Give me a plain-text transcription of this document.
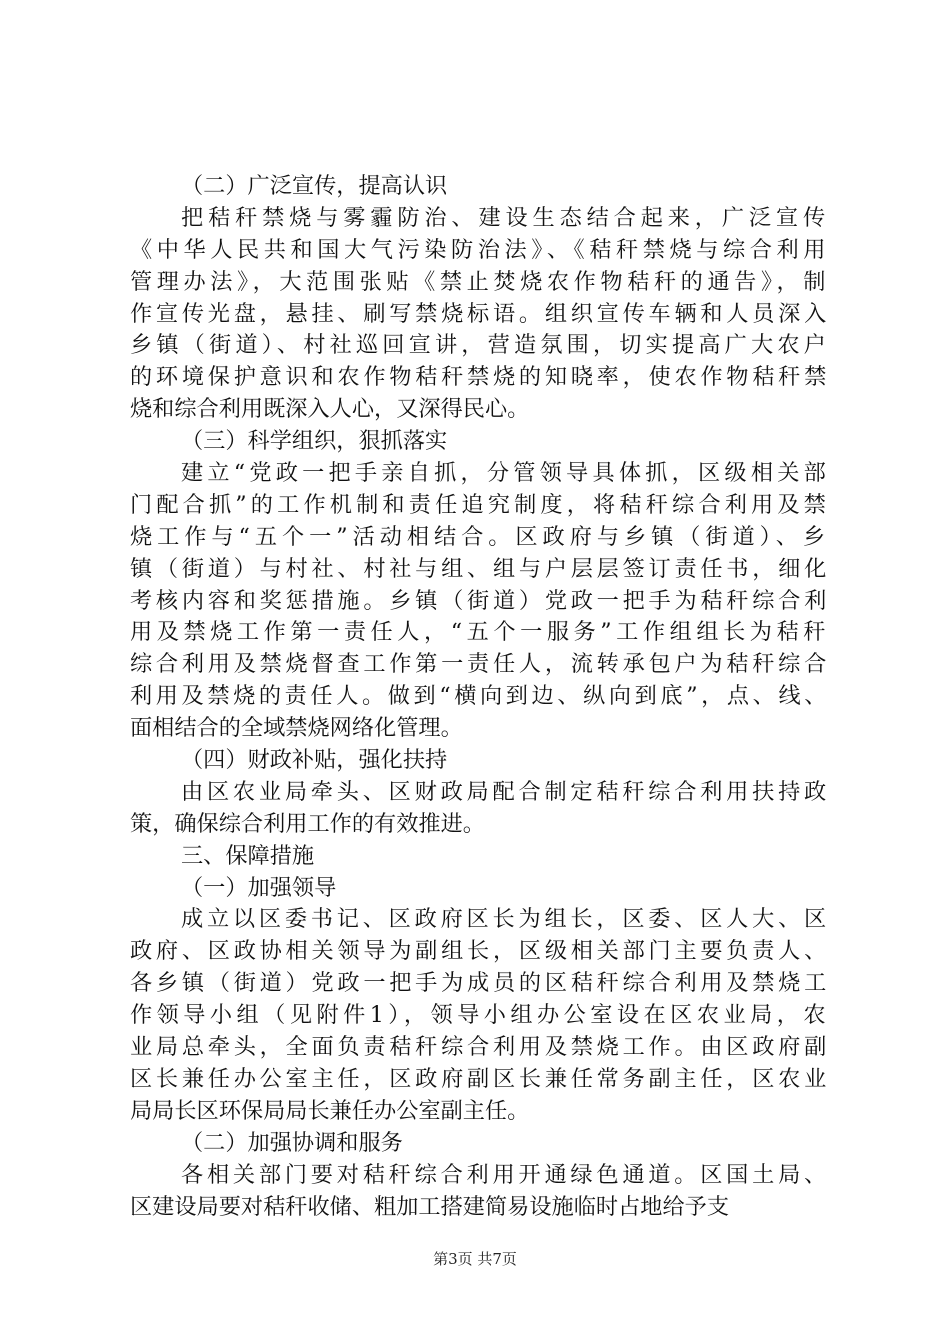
（二）广泛宣传，提高认识
把秸秆禁烧与雾霾防治、建设生态结合起来，广泛宣传
《中华人民共和国大气污染防治法》、《秸秆禁烧与综合利用
管理办法》，大范围张贴《禁止焚烧农作物秸秆的通告》，制
作宣传光盘，悬挂、刷写禁烧标语。组织宣传车辆和人员深入
乡镇（街道）、村社巡回宣讲，营造氛围，切实提高广大农户
的环境保护意识和农作物秸秆禁烧的知晓率，使农作物秸秆禁
烧和综合利用既深入人心，又深得民心。
（三）科学组织，狠抓落实
建立“党政一把手亲自抓，分管领导具体抓，区级相关部
门配合抓”的工作机制和责任追究制度，将秸秆综合利用及禁
烧工作与“五个一”活动相结合。区政府与乡镇（街道）、乡
镇（街道）与村社、村社与组、组与户层层签订责任书，细化
考核内容和奖惩措施。乡镇（街道）党政一把手为秸秆综合利
用及禁烧工作第一责任人，“五个一服务”工作组组长为秸秆
综合利用及禁烧督查工作第一责任人，流转承包户为秸秆综合
利用及禁烧的责任人。做到“横向到边、纵向到底”，点、线、
面相结合的全域禁烧网络化管理。
（四）财政补贴，强化扶持
由区农业局牵头、区财政局配合制定秸秆综合利用扶持政
策，确保综合利用工作的有效推进。
三、保障措施
（一）加强领导
成立以区委书记、区政府区长为组长，区委、区人大、区
政府、区政协相关领导为副组长，区级相关部门主要负责人、
各乡镇（街道）党政一把手为成员的区秸秆综合利用及禁烧工
作领导小组（见附件1），领导小组办公室设在区农业局，农
业局总牵头，全面负责秸秆综合利用及禁烧工作。由区政府副
区长兼任办公室主任，区政府副区长兼任常务副主任，区农业
局局长区环保局局长兼任办公室副主任。
（二）加强协调和服务
各相关部门要对秸秆综合利用开通绿色通道。区国土局、
区建设局要对秸秆收储、粗加工搭建简易设施临时占地给予支
第3页 共7页
